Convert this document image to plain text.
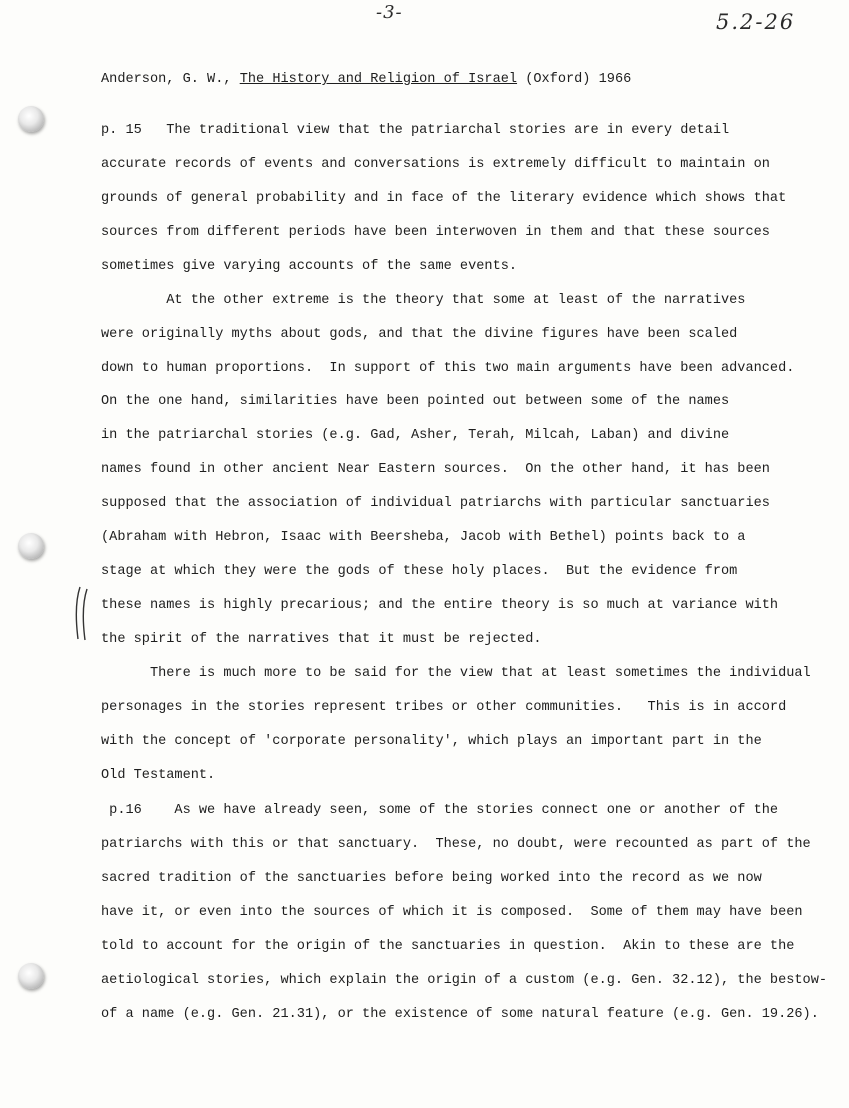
-3-	5.2-26
Anderson, G. W., The History and Religion of Israel (Oxford) 1966
p. 15   The traditional view that the patriarchal stories are in every detail
accurate records of events and conversations is extremely difficult to maintain on
grounds of general probability and in face of the literary evidence which shows that
sources from different periods have been interwoven in them and that these sources
sometimes give varying accounts of the same events.
At the other extreme is the theory that some at least of the narratives
were originally myths about gods, and that the divine figures have been scaled
down to human proportions.  In support of this two main arguments have been advanced.
On the one hand, similarities have been pointed out between some of the names
in the patriarchal stories (e.g. Gad, Asher, Terah, Milcah, Laban) and divine
names found in other ancient Near Eastern sources.  On the other hand, it has been
supposed that the association of individual patriarchs with particular sanctuaries
(Abraham with Hebron, Isaac with Beersheba, Jacob with Bethel) points back to a
stage at which they were the gods of these holy places.  But the evidence from
these names is highly precarious; and the entire theory is so much at variance with
the spirit of the narratives that it must be rejected.
There is much more to be said for the view that at least sometimes the individual
personages in the stories represent tribes or other communities.   This is in accord
with the concept of 'corporate personality', which plays an important part in the
Old Testament.
p.16    As we have already seen, some of the stories connect one or another of the
patriarchs with this or that sanctuary.  These, no doubt, were recounted as part of the
sacred tradition of the sanctuaries before being worked into the record as we now
have it, or even into the sources of which it is composed.  Some of them may have been
told to account for the origin of the sanctuaries in question.  Akin to these are the
aetiological stories, which explain the origin of a custom (e.g. Gen. 32.12), the bestow-
of a name (e.g. Gen. 21.31), or the existence of some natural feature (e.g. Gen. 19.26).
